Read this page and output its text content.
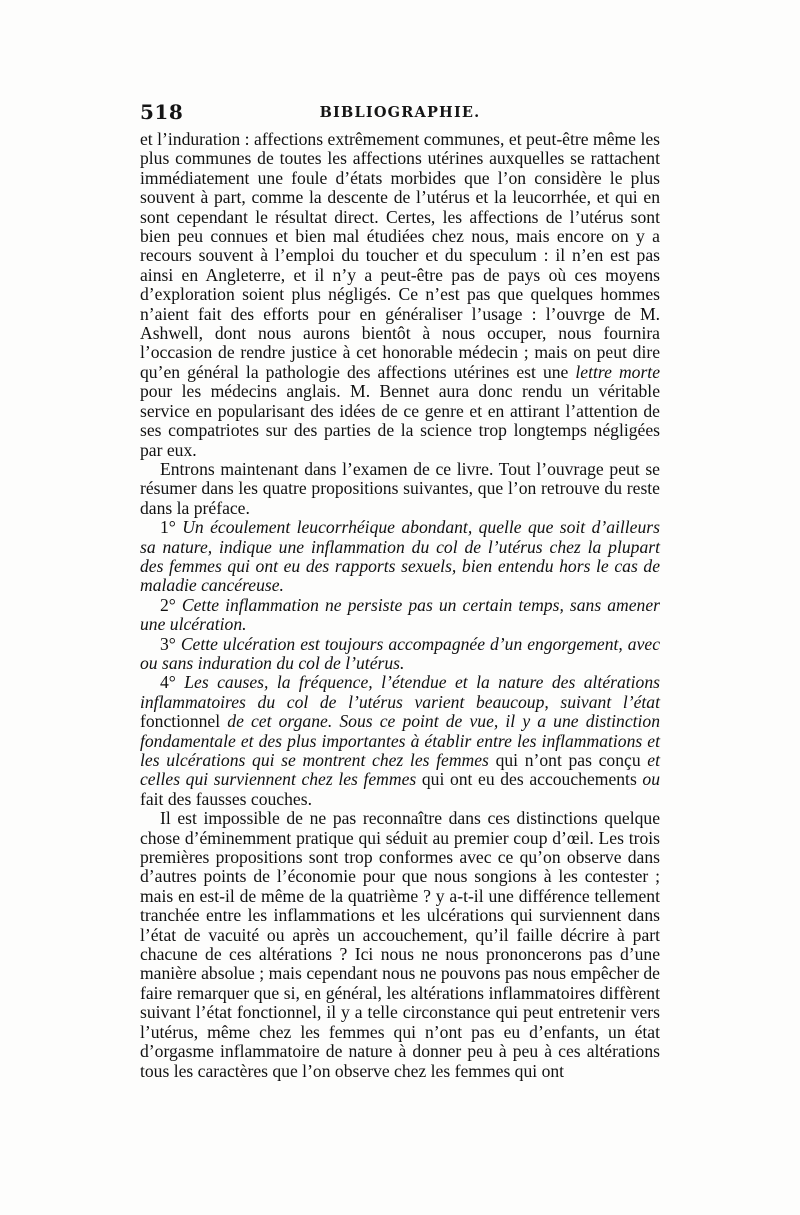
518	BIBLIOGRAPHIE.

et l’induration : affections extrêmement communes, et peut-être même les plus communes de toutes les affections utérines auxquelles se rattachent immédiatement une foule d’états morbides que l’on considère le plus souvent à part, comme la descente de l’utérus et la leucorrhée, et qui en sont cependant le résultat direct. Certes, les affections de l’utérus sont bien peu connues et bien mal étudiées chez nous, mais encore on y a recours souvent à l’emploi du toucher et du speculum : il n’en est pas ainsi en Angleterre, et il n’y a peut-être pas de pays où ces moyens d’exploration soient plus négligés. Ce n’est pas que quelques hommes n’aient fait des efforts pour en généraliser l’usage : l’ouvrge de M. Ashwell, dont nous aurons bientôt à nous occuper, nous fournira l’occasion de rendre justice à cet honorable médecin ; mais on peut dire qu’en général la pathologie des affections utérines est une lettre morte pour les médecins anglais. M. Bennet aura donc rendu un véritable service en popularisant des idées de ce genre et en attirant l’attention de ses compatriotes sur des parties de la science trop longtemps négligées par eux.

Entrons maintenant dans l’examen de ce livre. Tout l’ouvrage peut se résumer dans les quatre propositions suivantes, que l’on retrouve du reste dans la préface.

1° Un écoulement leucorrhéique abondant, quelle que soit d’ailleurs sa nature, indique une inflammation du col de l’utérus chez la plupart des femmes qui ont eu des rapports sexuels, bien entendu hors le cas de maladie cancéreuse.

2° Cette inflammation ne persiste pas un certain temps, sans amener une ulcération.

3° Cette ulcération est toujours accompagnée d’un engorgement, avec ou sans induration du col de l’utérus.

4° Les causes, la fréquence, l’étendue et la nature des altérations inflammatoires du col de l’utérus varient beaucoup, suivant l’état fonctionnel de cet organe. Sous ce point de vue, il y a une distinction fondamentale et des plus importantes à établir entre les inflammations et les ulcérations qui se montrent chez les femmes qui n’ont pas conçu et celles qui surviennent chez les femmes qui ont eu des accouchements ou fait des fausses couches.

Il est impossible de ne pas reconnaître dans ces distinctions quelque chose d’éminemment pratique qui séduit au premier coup d’œil. Les trois premières propositions sont trop conformes avec ce qu’on observe dans d’autres points de l’économie pour que nous songions à les contester ; mais en est-il de même de la quatrième ? y a-t-il une différence tellement tranchée entre les inflammations et les ulcérations qui surviennent dans l’état de vacuité ou après un accouchement, qu’il faille décrire à part chacune de ces altérations ? Ici nous ne nous prononcerons pas d’une manière absolue ; mais cependant nous ne pouvons pas nous empêcher de faire remarquer que si, en général, les altérations inflammatoires diffèrent suivant l’état fonctionnel, il y a telle circonstance qui peut entretenir vers l’utérus, même chez les femmes qui n’ont pas eu d’enfants, un état d’orgasme inflammatoire de nature à donner peu à peu à ces altérations tous les caractères que l’on observe chez les femmes qui ont
